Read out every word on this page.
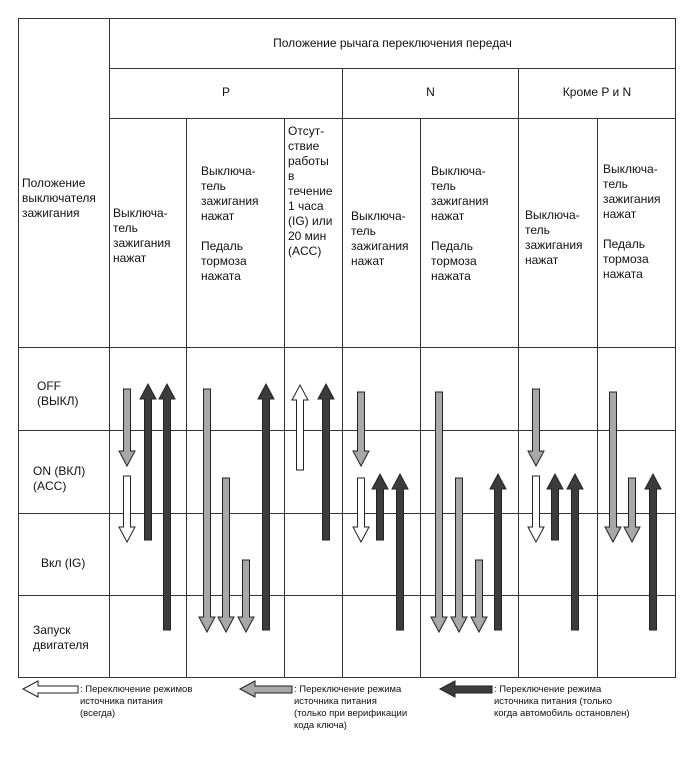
Положение рычага переключения передач
Положение
выключателя
зажигания
P	N	Кроме P и N
Выключа-
тель
зажигания
нажат
Выключа-
тель
зажигания
нажат

Педаль
тормоза
нажата
Отсут-
ствие
работы
в
течение
1 часа
(IG) или
20 мин
(ACC)
Выключа-
тель
зажигания
нажат
Выключа-
тель
зажигания
нажат

Педаль
тормоза
нажата
Выключа-
тель
зажигания
нажат
Выключа-
тель
зажигания
нажат

Педаль
тормоза
нажата
OFF
(ВЫКЛ)
ON (ВКЛ)
(ACC)
Вкл (IG)
Запуск
двигателя
: Переключение режимов
источника питания
(всегда)
: Переключение режима
источника питания
(только при верификации
кода ключа)
: Переключение режима
источника питания (только
когда автомобиль остановлен)
